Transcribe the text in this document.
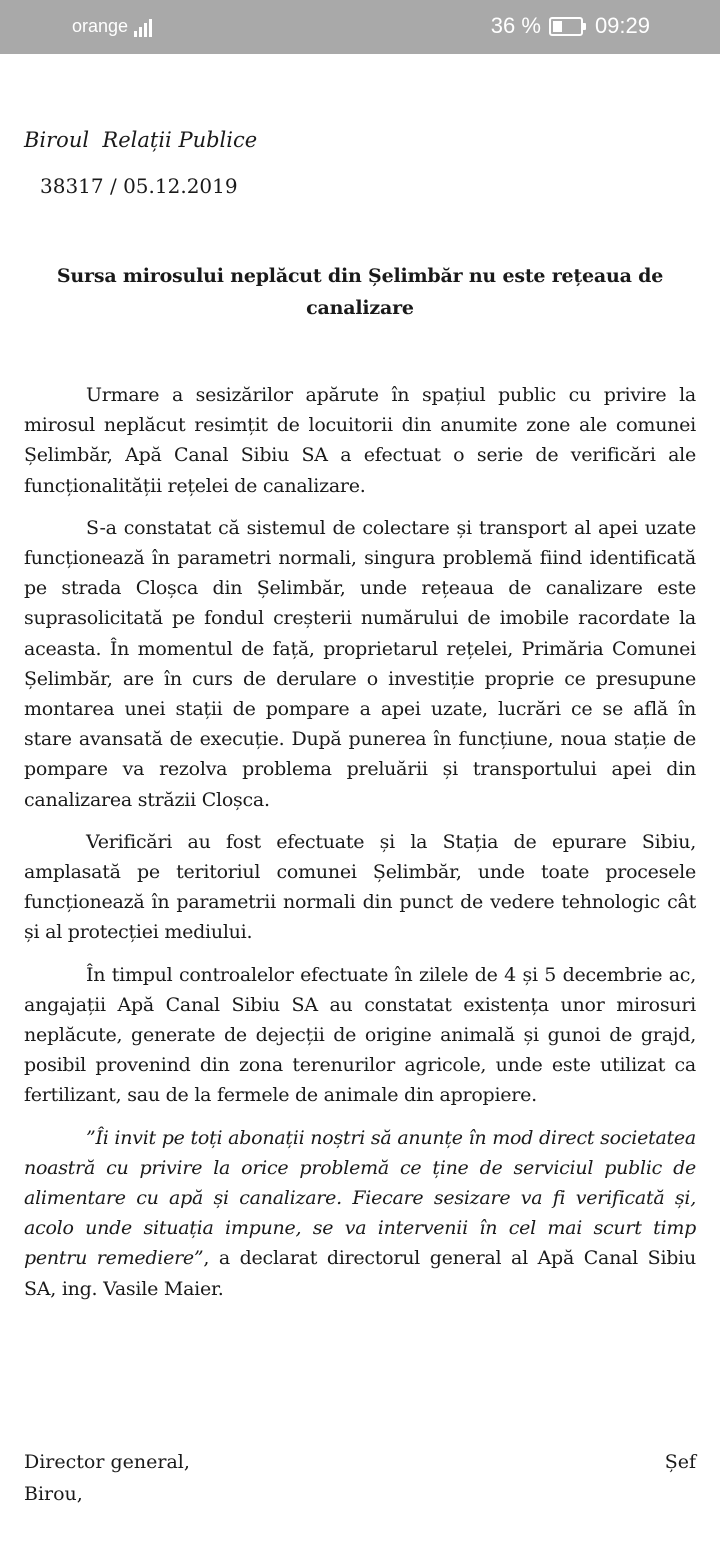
orange	36 % 09:29
Biroul  Relații Publice
38317 / 05.12.2019
Sursa mirosului neplăcut din Șelimbăr nu este rețeaua de canalizare

Urmare a sesizărilor apărute în spațiul public cu privire la mirosul neplăcut resimțit de locuitorii din anumite zone ale comunei Șelimbăr, Apă Canal Sibiu SA a efectuat o serie de verificări ale funcționalității rețelei de canalizare.

S-a constatat că sistemul de colectare și transport al apei uzate funcționează în parametri normali, singura problemă fiind identificată pe strada Cloșca din Șelimbăr, unde rețeaua de canalizare este suprasolicitată pe fondul creșterii numărului de imobile racordate la aceasta. În momentul de față, proprietarul rețelei, Primăria Comunei Șelimbăr, are în curs de derulare o investiție proprie ce presupune montarea unei stații de pompare a apei uzate, lucrări ce se află în stare avansată de execuție. După punerea în funcțiune, noua stație de pompare va rezolva problema preluării și transportului apei din canalizarea străzii Cloșca.

Verificări au fost efectuate și la Stația de epurare Sibiu, amplasată pe teritoriul comunei Șelimbăr, unde toate procesele funcționează în parametrii normali din punct de vedere tehnologic cât și al protecției mediului.

În timpul controalelor efectuate în zilele de 4 și 5 decembrie ac, angajații Apă Canal Sibiu SA au constatat existența unor mirosuri neplăcute, generate de dejecții de origine animală și gunoi de grajd, posibil provenind din zona terenurilor agricole, unde este utilizat ca fertilizant, sau de la fermele de animale din apropiere.

”Îi invit pe toți abonații noștri să anunțe în mod direct societatea noastră cu privire la orice problemă ce ține de serviciul public de alimentare cu apă și canalizare. Fiecare sesizare va fi verificată și, acolo unde situația impune, se va intervenii în cel mai scurt timp pentru remediere”, a declarat directorul general al Apă Canal Sibiu SA, ing. Vasile Maier.

Director general,
Birou,
Șef
